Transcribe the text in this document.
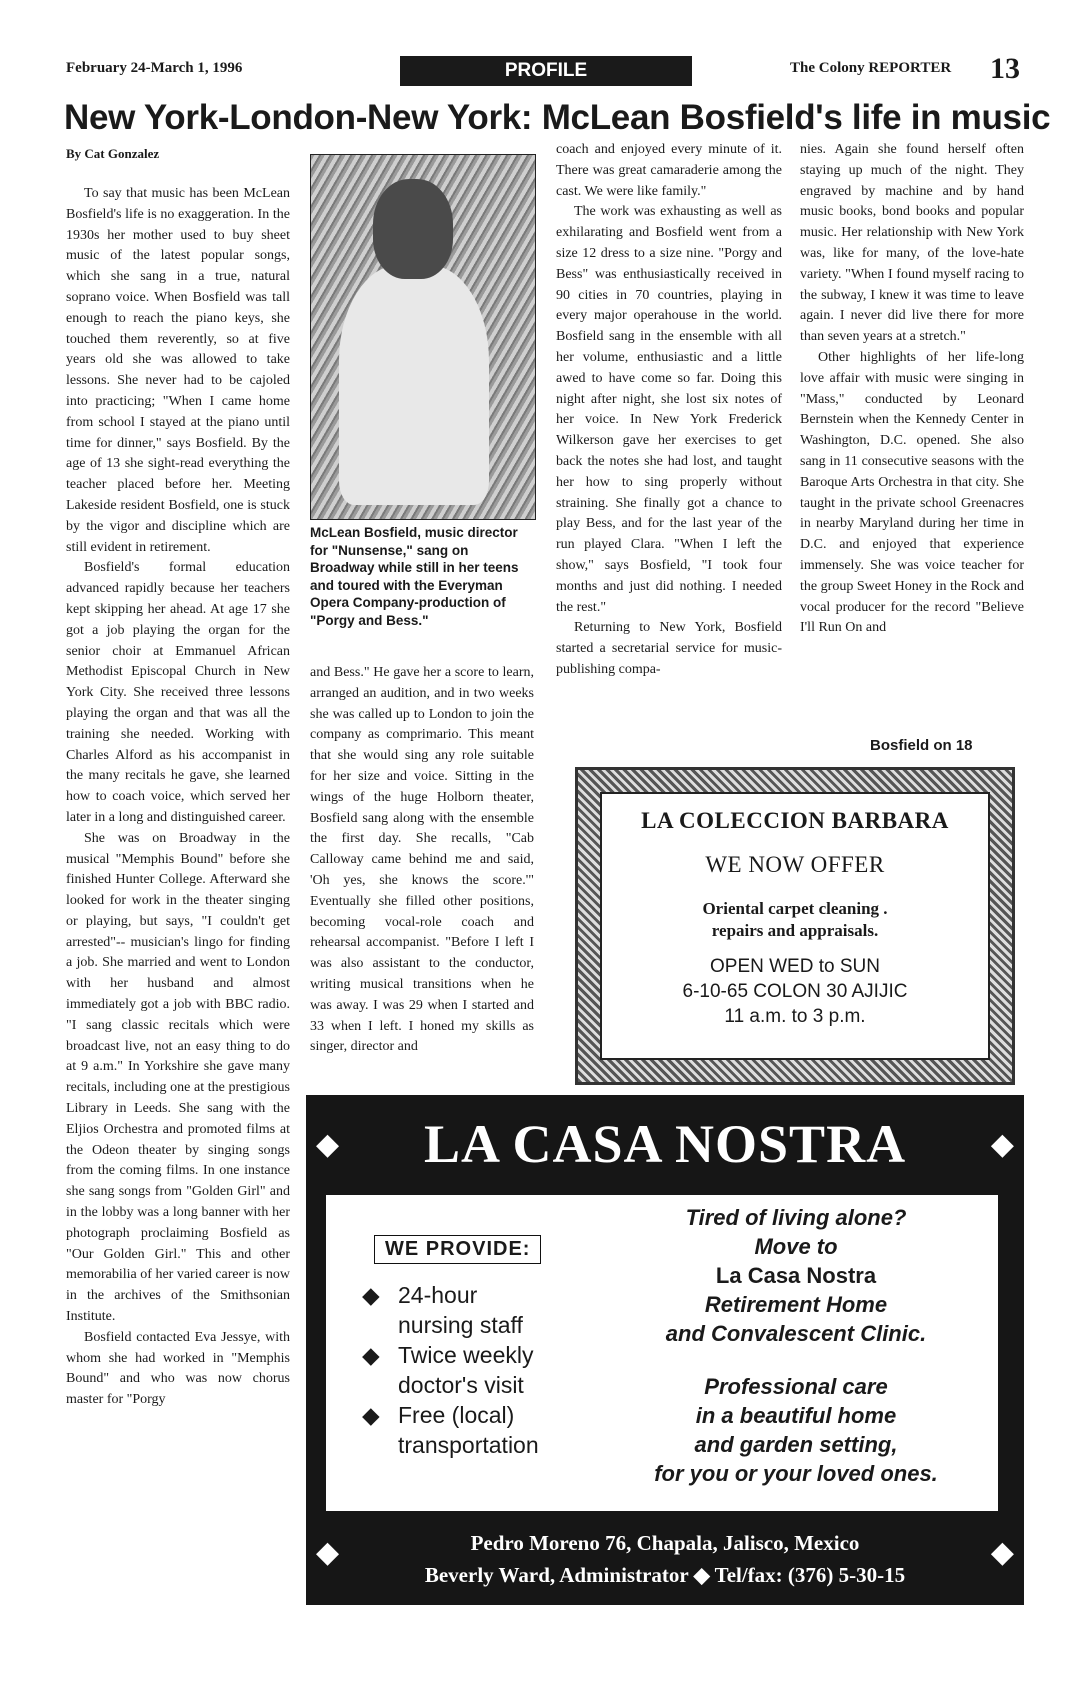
February 24-March 1, 1996	PROFILE	The Colony REPORTER 13
New York-London-New York: McLean Bosfield's life in music
By Cat Gonzalez

To say that music has been McLean Bosfield's life is no exaggeration. In the 1930s her mother used to buy sheet music of the latest popular songs, which she sang in a true, natural soprano voice. When Bosfield was tall enough to reach the piano keys, she touched them reverently, so at five years old she was allowed to take lessons. She never had to be cajoled into practicing; "When I came home from school I stayed at the piano until time for dinner," says Bosfield. By the age of 13 she sight-read everything the teacher placed before her. Meeting Lakeside resident Bosfield, one is stuck by the vigor and discipline which are still evident in retirement.

Bosfield's formal education advanced rapidly because her teachers kept skipping her ahead. At age 17 she got a job playing the organ for the senior choir at Emmanuel African Methodist Episcopal Church in New York City. She received three lessons playing the organ and that was all the training she needed. Working with Charles Alford as his accompanist in the many recitals he gave, she learned how to coach voice, which served her later in a long and distinguished career.

She was on Broadway in the musical "Memphis Bound" before she finished Hunter College. Afterward she looked for work in the theater singing or playing, but says, "I couldn't get arrested"-- musician's lingo for finding a job. She married and went to London with her husband and almost immediately got a job with BBC radio. "I sang classic recitals which were broadcast live, not an easy thing to do at 9 a.m." In Yorkshire she gave many recitals, including one at the prestigious Library in Leeds. She sang with the Eljios Orchestra and promoted films at the Odeon theater by singing songs from the coming films. In one instance she sang songs from "Golden Girl" and in the lobby was a long banner with her photograph proclaiming Bosfield as "Our Golden Girl." This and other memorabilia of her varied career is now in the archives of the Smithsonian Institute.

Bosfield contacted Eva Jessye, with whom she had worked in "Memphis Bound" and who was now chorus master for "Porgy

McLean Bosfield, music director for "Nunsense," sang on Broadway while still in her teens and toured with the Everyman Opera Company-production of "Porgy and Bess."

and Bess." He gave her a score to learn, arranged an audition, and in two weeks she was called up to London to join the company as comprimario. This meant that she would sing any role suitable for her size and voice. Sitting in the wings of the huge Holborn theater, Bosfield sang along with the ensemble the first day. She recalls, "Cab Calloway came behind me and said, 'Oh yes, she knows the score.'" Eventually she filled other positions, becoming vocal-role coach and rehearsal accompanist. "Before I left I was also assistant to the conductor, writing musical transitions when he was away. I was 29 when I started and 33 when I left. I honed my skills as singer, director and

coach and enjoyed every minute of it. There was great camaraderie among the cast. We were like family."

The work was exhausting as well as exhilarating and Bosfield went from a size 12 dress to a size nine. "Porgy and Bess" was enthusiastically received in 90 cities in 70 countries, playing in every major operahouse in the world. Bosfield sang in the ensemble with all her volume, enthusiastic and a little awed to have come so far. Doing this night after night, she lost six notes of her voice. In New York Frederick Wilkerson gave her exercises to get back the notes she had lost, and taught her how to sing properly without straining. She finally got a chance to play Bess, and for the last year of the run played Clara. "When I left the show," says Bosfield, "I took four months and just did nothing. I needed the rest."

Returning to New York, Bosfield started a secretarial service for music-publishing compa-

nies. Again she found herself often staying up much of the night. They engraved by machine and by hand music books, bond books and popular music. Her relationship with New York was, like for many, of the love-hate variety. "When I found myself racing to the subway, I knew it was time to leave again. I never did live there for more than seven years at a stretch."

Other highlights of her life-long love affair with music were singing in "Mass," conducted by Leonard Bernstein when the Kennedy Center in Washington, D.C. opened. She also sang in 11 consecutive seasons with the Baroque Arts Orchestra in that city. She taught in the private school Greenacres in nearby Maryland during her time in D.C. and enjoyed that experience immensely. She was voice teacher for the group Sweet Honey in the Rock and vocal producer for the record "Believe I'll Run On and

Bosfield on 18
LA COLECCION BARBARA
WE NOW OFFER
Oriental carpet cleaning .
repairs and appraisals.
OPEN WED to SUN
6-10-65 COLON 30 AJIJIC
11 a.m. to 3 p.m.
◆	LA CASA NOSTRA	◆
WE PROVIDE:
◆ 24-hour
nursing staff
◆ Twice weekly
doctor's visit
◆ Free (local)
transportation
Tired of living alone?
Move to
La Casa Nostra
Retirement Home
and Convalescent Clinic.
Professional care
in a beautiful home
and garden setting,
for you or your loved ones.
◆	Pedro Moreno 76, Chapala, Jalisco, Mexico
Beverly Ward, Administrator ◆ Tel/fax: (376) 5-30-15
◆
